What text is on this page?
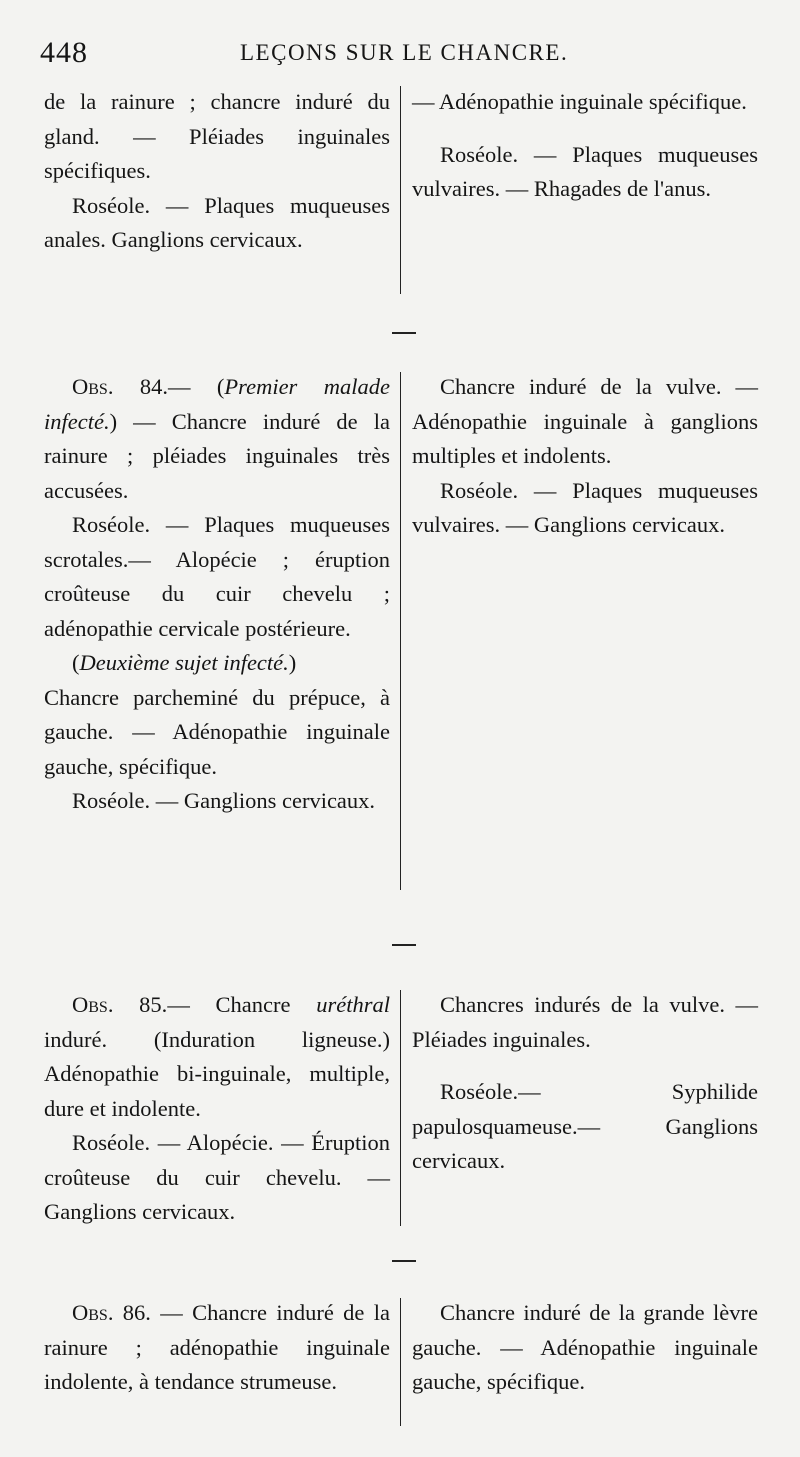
448	LEÇONS SUR LE CHANCRE.

de la rainure ; chancre induré du gland. — Pléiades inguinales spécifiques.

Roséole. — Plaques muqueuses anales. Ganglions cervicaux.

— Adénopathie inguinale spécifique.

Roséole. — Plaques muqueuses vulvaires. — Rhagades de l'anus.

Obs. 84.— (Premier malade infecté.) — Chancre induré de la rainure ; pléiades inguinales très accusées.

Roséole. — Plaques muqueuses scrotales.— Alopécie ; éruption croûteuse du cuir chevelu ; adénopathie cervicale postérieure.

(Deuxième sujet infecté.)

Chancre parcheminé du prépuce, à gauche. — Adénopathie inguinale gauche, spécifique.

Roséole. — Ganglions cervicaux.

Chancre induré de la vulve. — Adénopathie inguinale à ganglions multiples et indolents.

Roséole. — Plaques muqueuses vulvaires. — Ganglions cervicaux.

Obs. 85.— Chancre uréthral induré. (Induration ligneuse.) Adénopathie bi-inguinale, multiple, dure et indolente.

Roséole. — Alopécie. — Éruption croûteuse du cuir chevelu. — Ganglions cervicaux.

Chancres indurés de la vulve. — Pléiades inguinales.

Roséole.— Syphilide papulosquameuse.— Ganglions cervicaux.

Obs. 86. — Chancre induré de la rainure ; adénopathie inguinale indolente, à tendance strumeuse.

Chancre induré de la grande lèvre gauche. — Adénopathie inguinale gauche, spécifique.
